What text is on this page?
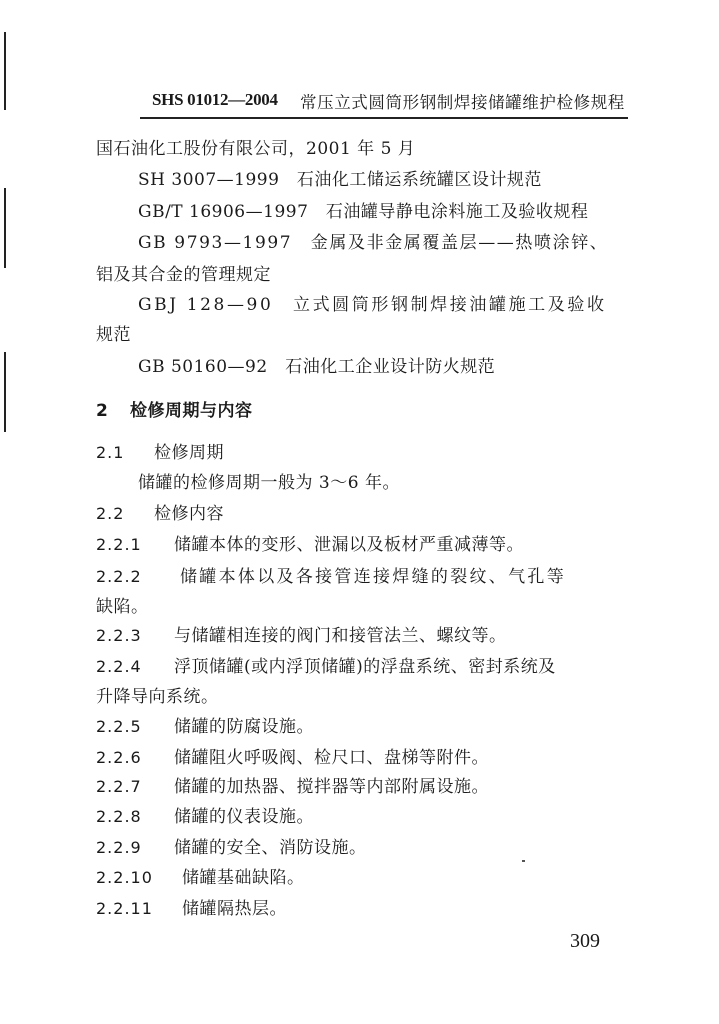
SHS 01012—2004 常压立式圆筒形钢制焊接储罐维护检修规程
国石油化工股份有限公司，2001 年 5 月
SH 3007—1999　石油化工储运系统罐区设计规范
GB/T 16906—1997　石油罐导静电涂料施工及验收规程
GB 9793—1997　金属及非金属覆盖层——热喷涂锌、
铝及其合金的管理规定
GBJ 128—90　立式圆筒形钢制焊接油罐施工及验收
规范
GB 50160—92　石油化工企业设计防火规范
2 检修周期与内容
2.1 检修周期
储罐的检修周期一般为 3～6 年。
2.2 检修内容
2.2.1 储罐本体的变形、泄漏以及板材严重减薄等。
2.2.2 储罐本体以及各接管连接焊缝的裂纹、气孔等
缺陷。
2.2.3 与储罐相连接的阀门和接管法兰、螺纹等。
2.2.4 浮顶储罐(或内浮顶储罐)的浮盘系统、密封系统及
升降导向系统。
2.2.5 储罐的防腐设施。
2.2.6 储罐阻火呼吸阀、检尺口、盘梯等附件。
2.2.7 储罐的加热器、搅拌器等内部附属设施。
2.2.8 储罐的仪表设施。
2.2.9 储罐的安全、消防设施。
2.2.10 储罐基础缺陷。
2.2.11 储罐隔热层。
309
